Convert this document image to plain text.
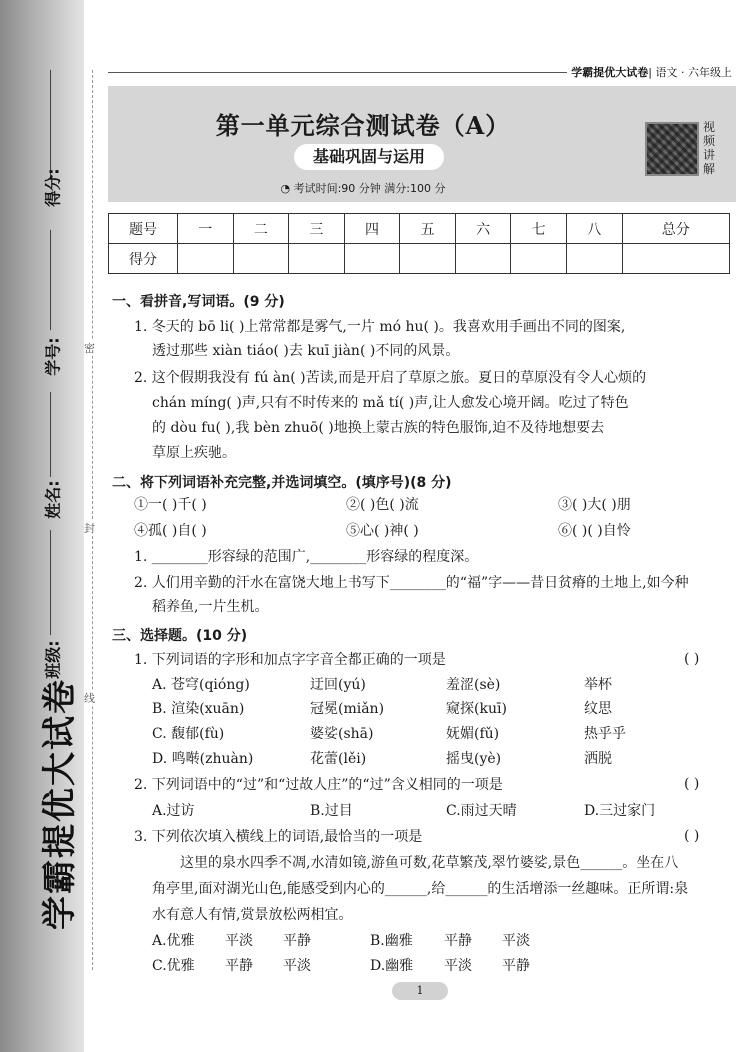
得分:
学号:
姓名:
班级:
学霸提优大试卷
密
封
线
学霸提优大试卷| 语文 · 六年级上
第一单元综合测试卷（A）
基础巩固与运用
◔ 考试时间:90 分钟 满分:100 分
视频讲解
题号	一	二	三	四	五	六	七	八	总分
得分									
一、看拼音,写词语。(9 分)
1. 冬天的 bō li( )上常常都是雾气,一片 mó hu( )。我喜欢用手画出不同的图案,
透过那些 xiàn tiáo( )去 kuī jiàn( )不同的风景。
2. 这个假期我没有 fú àn( )苦读,而是开启了草原之旅。夏日的草原没有令人心烦的
chán míng( )声,只有不时传来的 mǎ tí( )声,让人愈发心境开阔。吃过了特色
的 dòu fu( ),我 bèn zhuō( )地换上蒙古族的特色服饰,迫不及待地想要去
草原上疾驰。
二、将下列词语补充完整,并选词填空。(填序号)(8 分)
①一( )千( )	②( )色( )流	③( )大( )朋
④孤( )自( )	⑤心( )神( )	⑥( )( )自怜
1. ________形容绿的范围广,________形容绿的程度深。
2. 人们用辛勤的汗水在富饶大地上书写下________的“福”字——昔日贫瘠的土地上,如今种
稻养鱼,一片生机。
三、选择题。(10 分)
1. 下列词语的字形和加点字字音全都正确的一项是	( )
A. 苍穹(qióng)	迂回(yú)	羞涩(sè)	举杯
B. 渲染(xuān)	冠冕(miǎn)	窥探(kuī)	纹思
C. 馥郁(fù)	婆娑(shā)	妩媚(fǔ)	热乎乎
D. 鸣啭(zhuàn)	花蕾(lěi)	摇曳(yè)	洒脱
2. 下列词语中的“过”和“过故人庄”的“过”含义相同的一项是	( )
A.过访	B.过目	C.雨过天晴	D.三过家门
3. 下列依次填入横线上的词语,最恰当的一项是	( )
这里的泉水四季不凋,水清如镜,游鱼可数,花草繁茂,翠竹婆娑,景色______。坐在八
角亭里,面对湖光山色,能感受到内心的______,给______的生活增添一丝趣味。正所谓:泉
水有意人有情,赏景放松两相宜。
A.优雅 平淡 平静	B.幽雅 平静 平淡
C.优雅 平静 平淡	D.幽雅 平淡 平静
1
